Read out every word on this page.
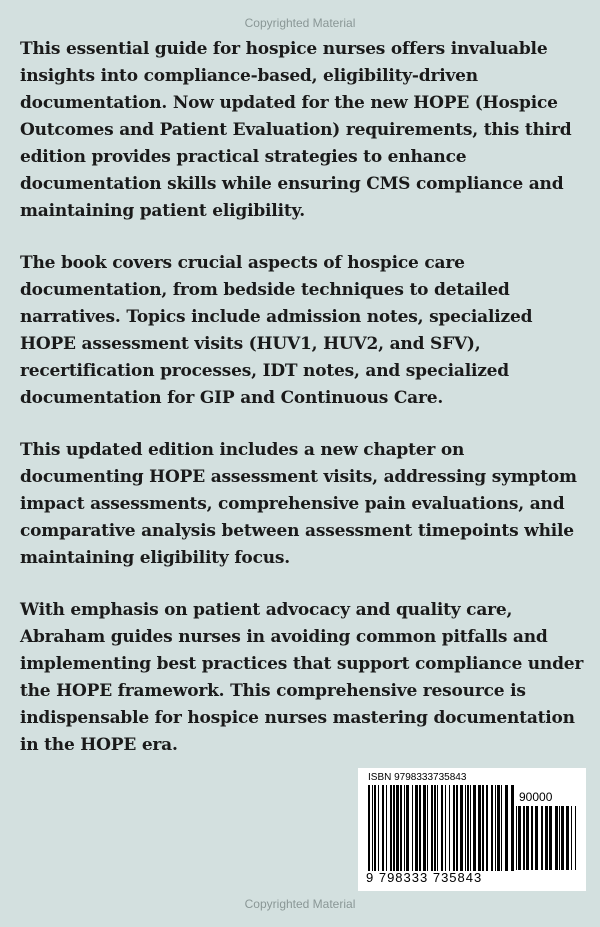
Copyrighted Material

This essential guide for hospice nurses offers invaluable insights into compliance-based, eligibility-driven documentation. Now updated for the new HOPE (Hospice Outcomes and Patient Evaluation) requirements, this third edition provides practical strategies to enhance documentation skills while ensuring CMS compliance and maintaining patient eligibility.

The book covers crucial aspects of hospice care documentation, from bedside techniques to detailed narratives. Topics include admission notes, specialized HOPE assessment visits (HUV1, HUV2, and SFV), recertification processes, IDT notes, and specialized documentation for GIP and Continuous Care.

This updated edition includes a new chapter on documenting HOPE assessment visits, addressing symptom impact assessments, comprehensive pain evaluations, and comparative analysis between assessment timepoints while maintaining eligibility focus.

With emphasis on patient advocacy and quality care, Abraham guides nurses in avoiding common pitfalls and implementing best practices that support compliance under the HOPE framework. This comprehensive resource is indispensable for hospice nurses mastering documentation in the HOPE era.

ISBN 9798333735843
90000
9 798333 735843
Copyrighted Material
